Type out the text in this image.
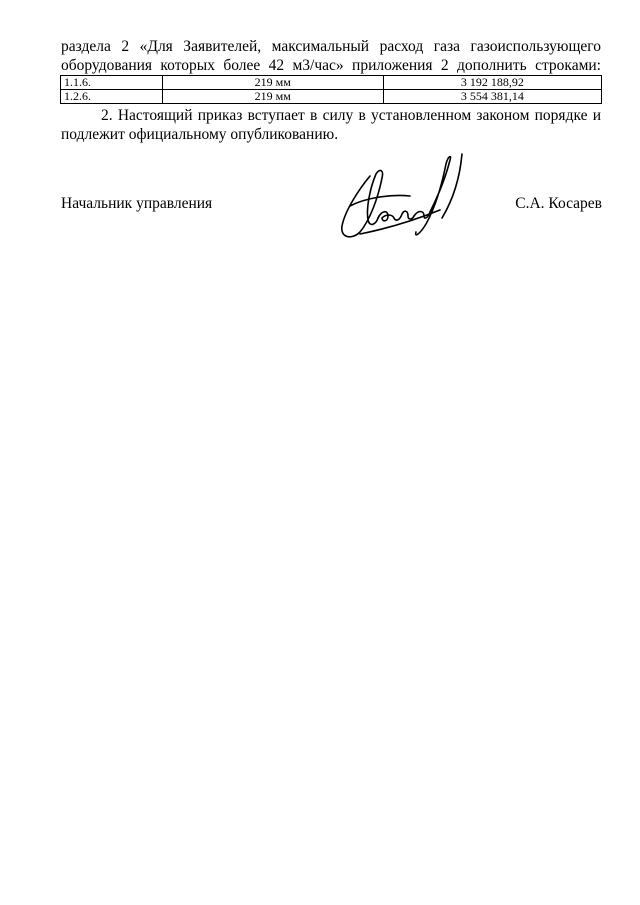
раздела 2 «Для Заявителей, максимальный расход газа газоиспользующего
оборудования которых более 42 м3/час» приложения 2 дополнить строками:

1.1.6.	219 мм	3 192 188,92
1.2.6.	219 мм	3 554 381,14

2. Настоящий приказ вступает в силу в установленном законом порядке и
подлежит официальному опубликованию.

Начальник управления	С.А. Косарев
